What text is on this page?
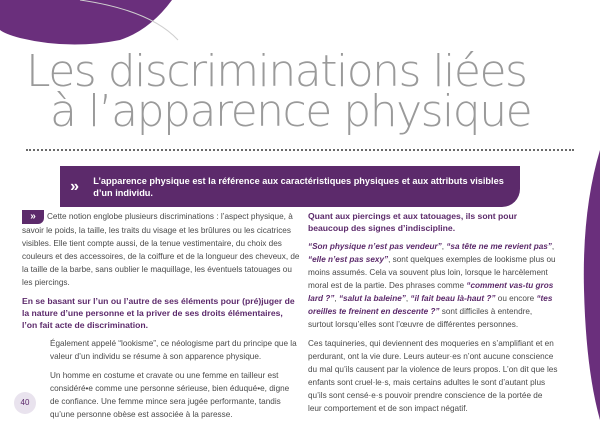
Les discriminations liées
à l’apparence physique
»	L’apparence physique est la référence aux caractéristiques physiques et aux attributs visibles d’un individu.

» Cette notion englobe plusieurs discriminations : l’aspect physique, à savoir le poids, la taille, les traits du visage et les brûlures ou les cicatrices visibles. Elle tient compte aussi, de la tenue vestimentaire, du choix des couleurs et des accessoires, de la coiffure et de la longueur des cheveux, de la taille de la barbe, sans oublier le maquillage, les éventuels tatouages ou les piercings.

En se basant sur l’un ou l’autre de ses éléments pour (pré)juger de la nature d’une personne et la priver de ses droits élémentaires, l’on fait acte de discrimination.

Également appelé “lookisme”, ce néologisme part du principe que la valeur d’un individu se résume à son apparence physique.

Un homme en costume et cravate ou une femme en tailleur est considéré•e comme une personne sérieuse, bien éduqué•e, digne de confiance. Une femme mince sera jugée performante, tandis qu’une personne obèse est associée à la paresse.

Quant aux piercings et aux tatouages, ils sont pour beaucoup des signes d’indiscipline.

“Son physique n’est pas vendeur”, “sa tête ne me revient pas”, “elle n’est pas sexy”, sont quelques exemples de lookisme plus ou moins assumés. Cela va souvent plus loin, lorsque le harcèlement moral est de la partie. Des phrases comme “comment vas-tu gros lard ?”, “salut la baleine”, “il fait beau là-haut ?” ou encore “tes oreilles te freinent en descente ?” sont difficiles à entendre, surtout lorsqu’elles sont l’œuvre de différentes personnes.

Ces taquineries, qui deviennent des moqueries en s’amplifiant et en perdurant, ont la vie dure. Leurs auteur·es n’ont aucune conscience du mal qu’ils causent par la violence de leurs propos. L’on dit que les enfants sont cruel·le·s, mais certains adultes le sont d’autant plus qu’ils sont censé·e·s pouvoir prendre conscience de la portée de leur comportement et de son impact négatif.

40
